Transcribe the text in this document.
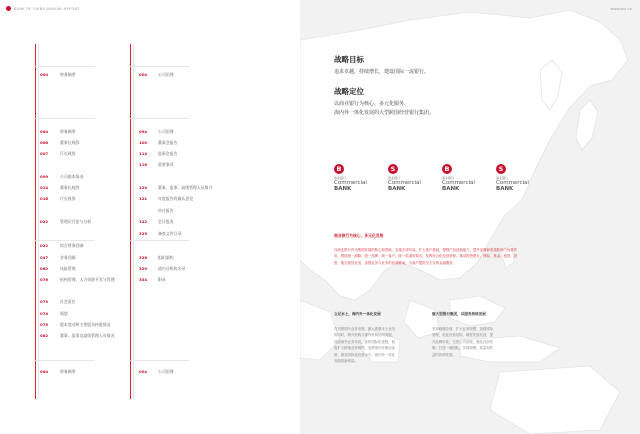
BANK OF CHINA ANNUAL REPORT	www.boc.cn
004	财务摘要	004	公司治理
004	财务摘要
006	董事长致辞
007	行长致辞
009	公司基本情况
014	董事长致辞
016	行长致辞
022	管理层讨论与分析
094	公司治理
100	董事会报告
114	监事会报告
116	重要事项
120	董事、监事、高级管理人员简介
121	年度报告的确认意见
审计报告
122	会计报表
325	备查文件目录
022	综合财务回顾
047	业务回顾
062	风险管理
076	机构管理、人力资源开发与管理
073	社会责任
074	展望
075	股本变动和主要股东持股情况
082	董事、监事及高级管理人员情况
326	组织架构
329	境内分机构名录
334	附录
004	财务摘要	004	公司治理
战略目标
追求卓越，持续增长，建设国际一流银行。
战略定位
以商业银行为核心、多元化服务、
海内外一体化发展的大型跨国经营银行集团。
B
商业银行
Commercial
BANK
S
商业银行
Commercial
BANK
B
商业银行
Commercial
BANK
S
商业银行
Commercial
BANK
商业银行为核心，多元化发展
以商业银行作为集团发展的核心和基础，实施全球布局，扩大客户基础，增强产品创新能力，提升品牌和渠道影响力优势作用，围绕统一战略、统一品牌、统一客户、统一渠道的要求，发挥综合化经营优势。推动投资银行、保险、基金、租赁、投资、航空租赁业务，加强业务与业务的协同联动，为客户提供全方位的金融服务。
立足本土，海内外一体化发展
在巩固国内业务发展，做大做强本土业务的同时，海外机构与境内机构协同发展，加强海外业务布局，加快国际化进程，积极扩大跨境业务规模，发挥境内外联动优势，提高国际化经营水平，海内外一体化发展的新格局。
做大型银行集团，以服务持续发展
坚持稳健经营，扩大业务规模，加强风险管理，优化经营结构，增强发展后劲，提升品牌形象，完善公司治理，强化内部控制，打造一流团队，实现规模、质量和效益的协调发展。
